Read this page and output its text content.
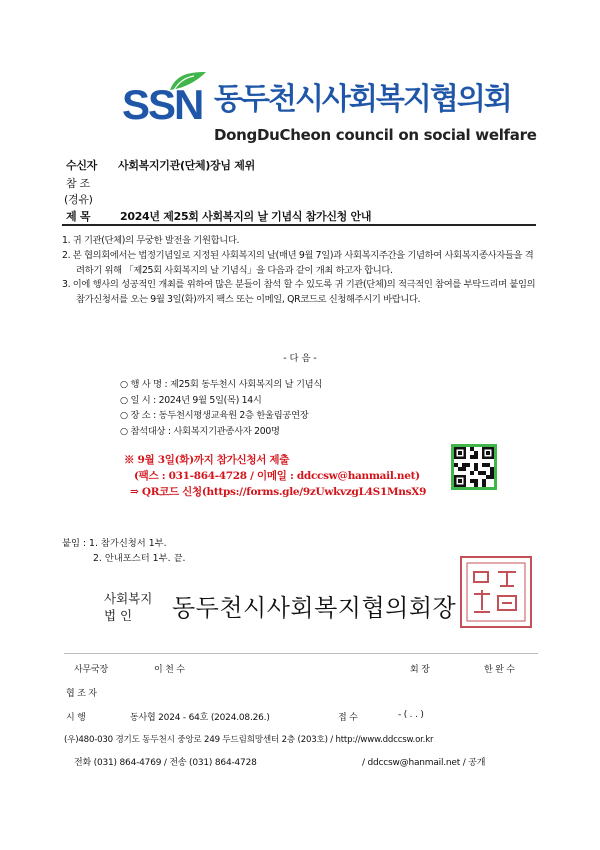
SSN 동두천시사회복지협의회
DongDuCheon council on social welfare
수신자 사회복지기관(단체)장님 제위
참 조
(경유)
제 목	2024년 제25회 사회복지의 날 기념식 참가신청 안내

1. 귀 기관(단체)의 무궁한 발전을 기원합니다.

2. 본 협의회에서는 법정기념일로 지정된 사회복지의 날(매년 9월 7일)과 사회복지주간을 기념하여 사회복지종사자들을 격려하기 위해 「제25회 사회복지의 날 기념식」을 다음과 같이 개최 하고자 합니다.

3. 이에 행사의 성공적인 개최를 위하여 많은 분들이 참석 할 수 있도록 귀 기관(단체)의 적극적인 참여를 부탁드리며 붙임의 참가신청서를 오는 9월 3일(화)까지 팩스 또는 이메일, QR코드로 신청해주시기 바랍니다.

- 다 음 -
○ 행 사 명 : 제25회 동두천시 사회복지의 날 기념식
○ 일 시 : 2024년 9월 5일(목) 14시
○ 장 소 : 동두천시평생교육원 2층 한울림공연장
○ 참석대상 : 사회복지기관종사자 200명
※ 9월 3일(화)까지 참가신청서 제출
(팩스 : 031-864-4728 / 이메일 : ddccsw@hanmail.net)
⇒ QR코드 신청(https://forms.gle/9zUwkvzgL4S1MnsX9
붙임 : 1. 참가신청서 1부.
2. 안내포스터 1부. 끝.
사회복지
법 인 동두천시사회복지협의회장
사무국장	이 천 수	회 장	한 완 수
협 조 자
시 행	동사협 2024 - 64호 (2024.08.26.)	접 수	- ( . . )
(우)480-030 경기도 동두천시 중앙로 249 두드림희망센터 2층 (203호) / http://www.ddccsw.or.kr
전화 (031) 864-4769 / 전송 (031) 864-4728	/ ddccsw@hanmail.net / 공개
